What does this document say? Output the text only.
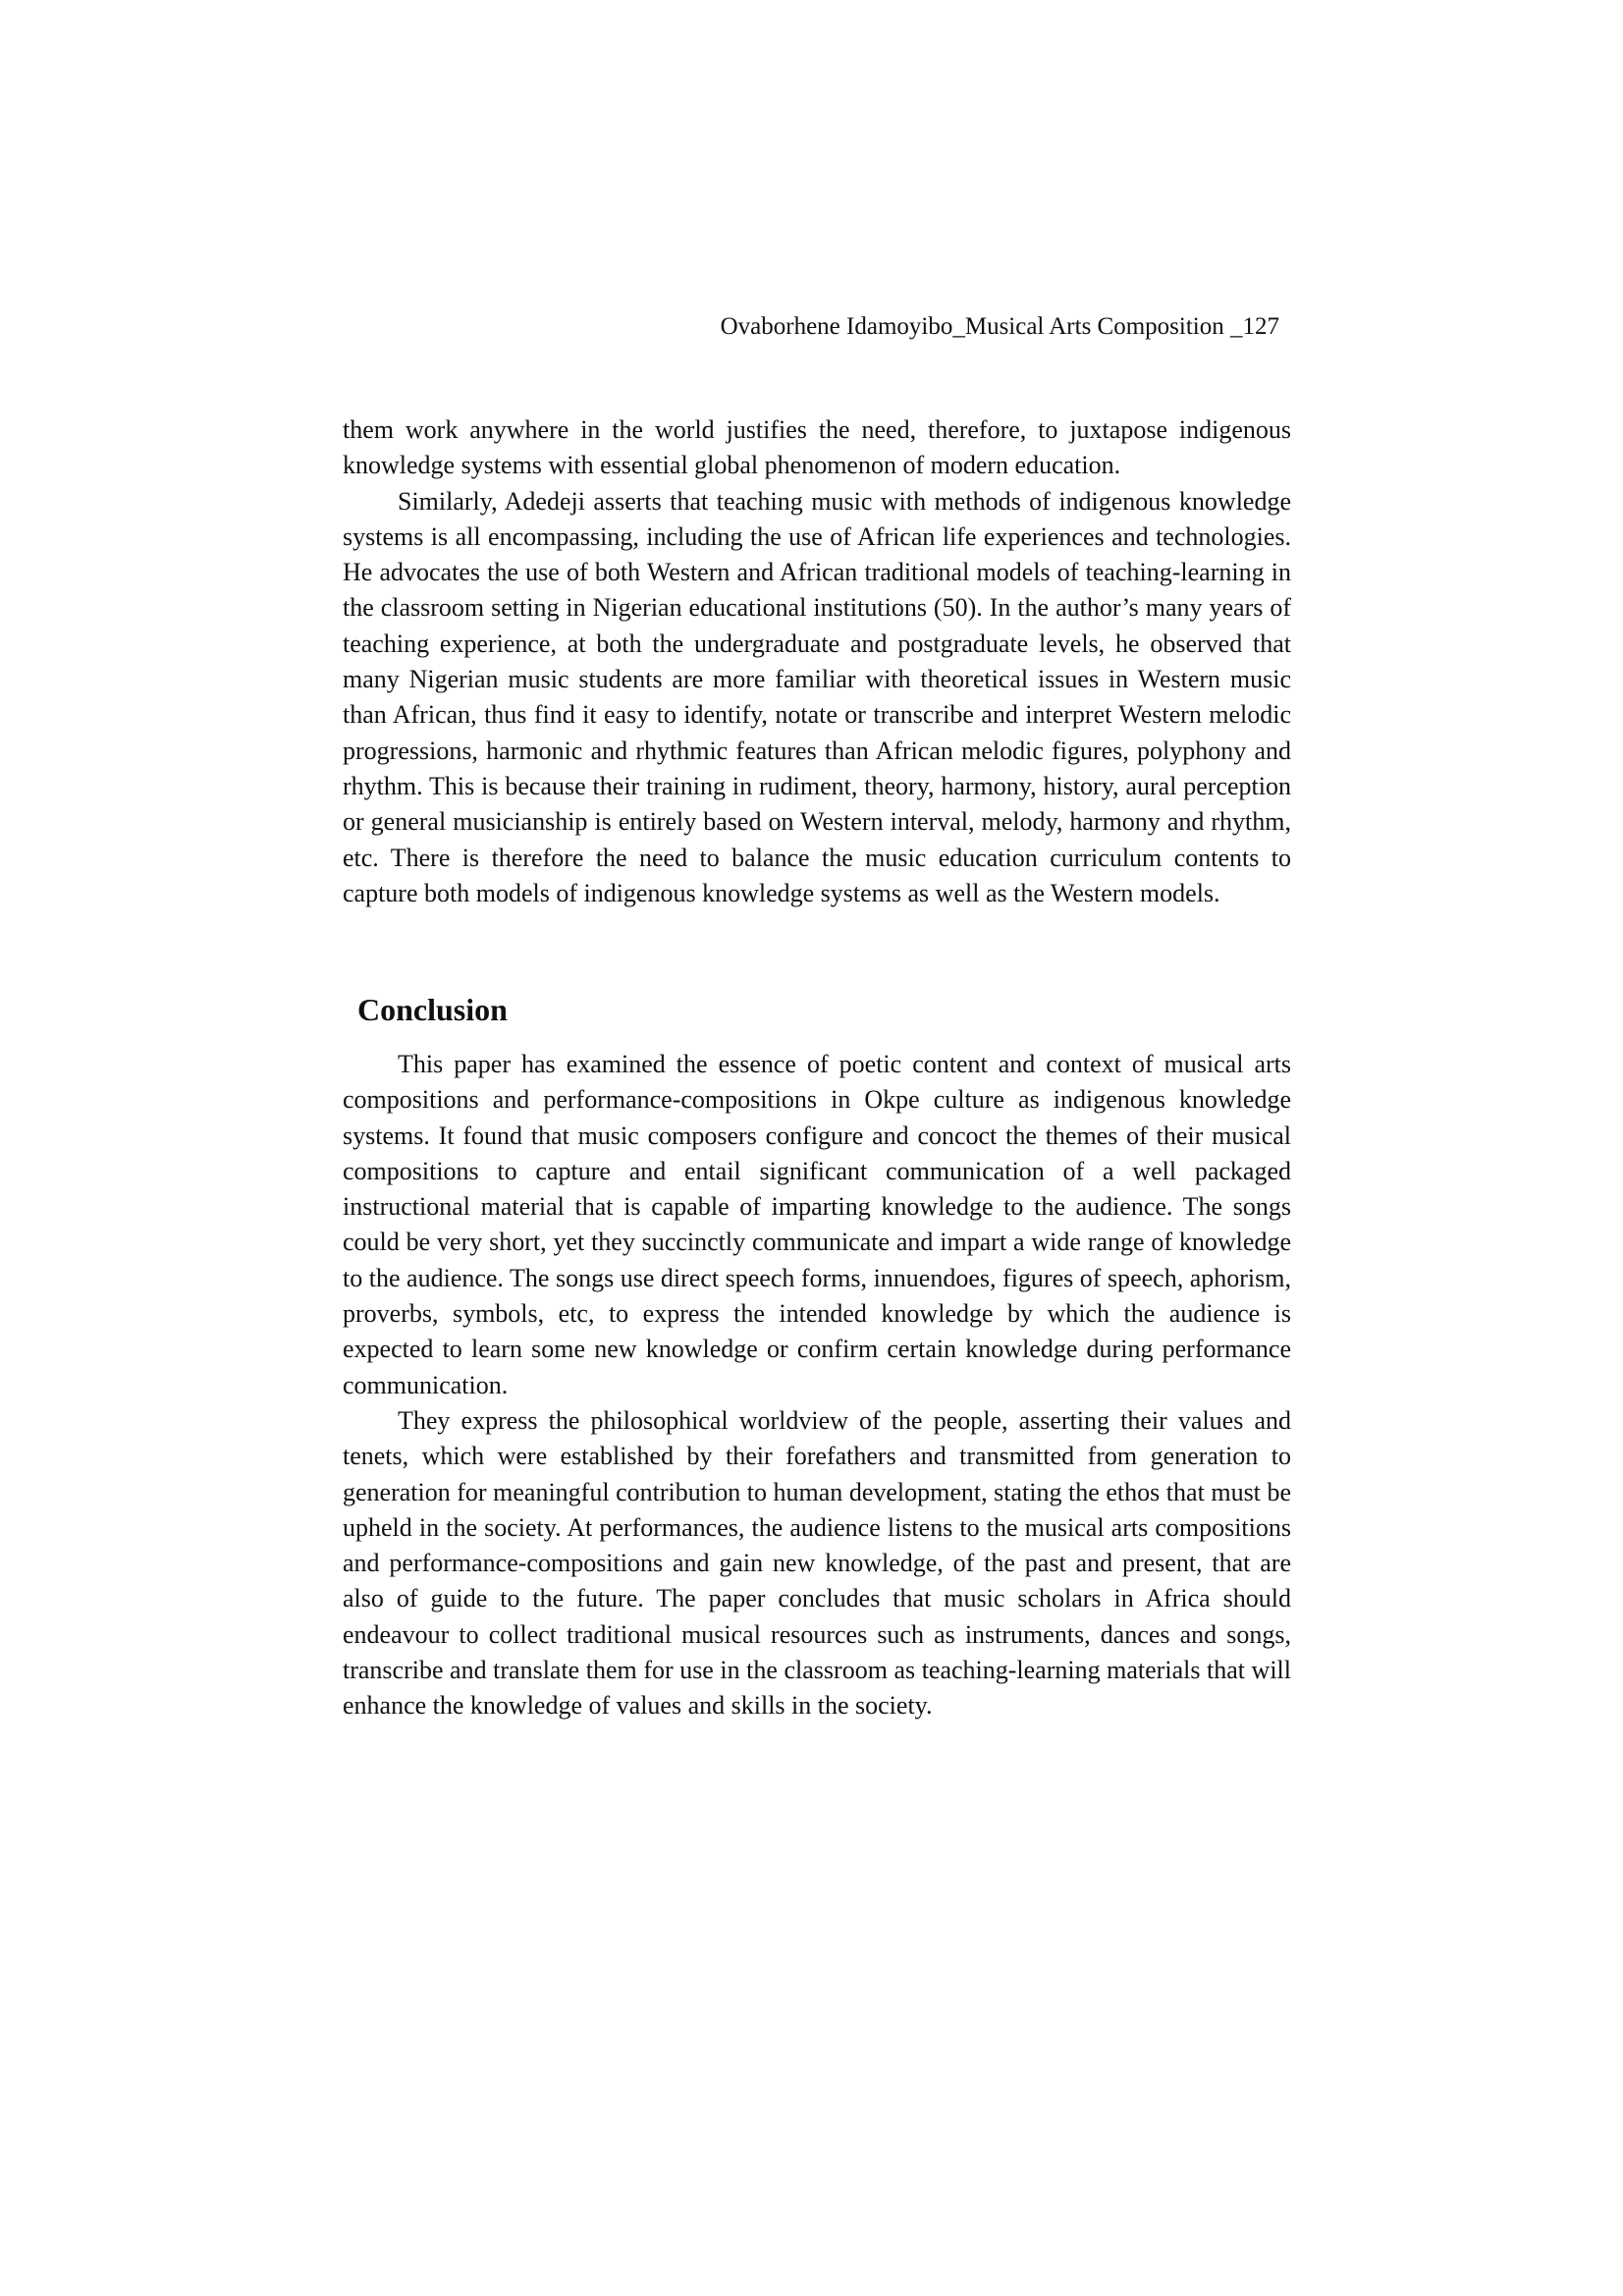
Ovaborhene Idamoyibo_Musical Arts Composition _127

them work anywhere in the world justifies the need, therefore, to juxtapose indigenous knowledge systems with essential global phenomenon of modern education.

Similarly, Adedeji asserts that teaching music with methods of indigenous knowledge systems is all encompassing, including the use of African life experiences and technologies. He advocates the use of both Western and African traditional models of teaching-learning in the classroom setting in Nigerian educational institutions (50). In the author’s many years of teaching experience, at both the undergraduate and postgraduate levels, he observed that many Nigerian music students are more familiar with theoretical issues in Western music than African, thus find it easy to identify, notate or transcribe and interpret Western melodic progressions, harmonic and rhythmic features than African melodic figures, polyphony and rhythm. This is because their training in rudiment, theory, harmony, history, aural perception or general musicianship is entirely based on Western interval, melody, harmony and rhythm, etc. There is therefore the need to balance the music education curriculum contents to capture both models of indigenous knowledge systems as well as the Western models.

Conclusion

This paper has examined the essence of poetic content and context of musical arts compositions and performance-compositions in Okpe culture as indigenous knowledge systems. It found that music composers configure and concoct the themes of their musical compositions to capture and entail significant communication of a well packaged instructional material that is capable of imparting knowledge to the audience. The songs could be very short, yet they succinctly communicate and impart a wide range of knowledge to the audience. The songs use direct speech forms, innuendoes, figures of speech, aphorism, proverbs, symbols, etc, to express the intended knowledge by which the audience is expected to learn some new knowledge or confirm certain knowledge during performance communication.

They express the philosophical worldview of the people, asserting their values and tenets, which were established by their forefathers and transmitted from generation to generation for meaningful contribution to human development, stating the ethos that must be upheld in the society. At performances, the audience listens to the musical arts compositions and performance-compositions and gain new knowledge, of the past and present, that are also of guide to the future. The paper concludes that music scholars in Africa should endeavour to collect traditional musical resources such as instruments, dances and songs, transcribe and translate them for use in the classroom as teaching-learning materials that will enhance the knowledge of values and skills in the society.
